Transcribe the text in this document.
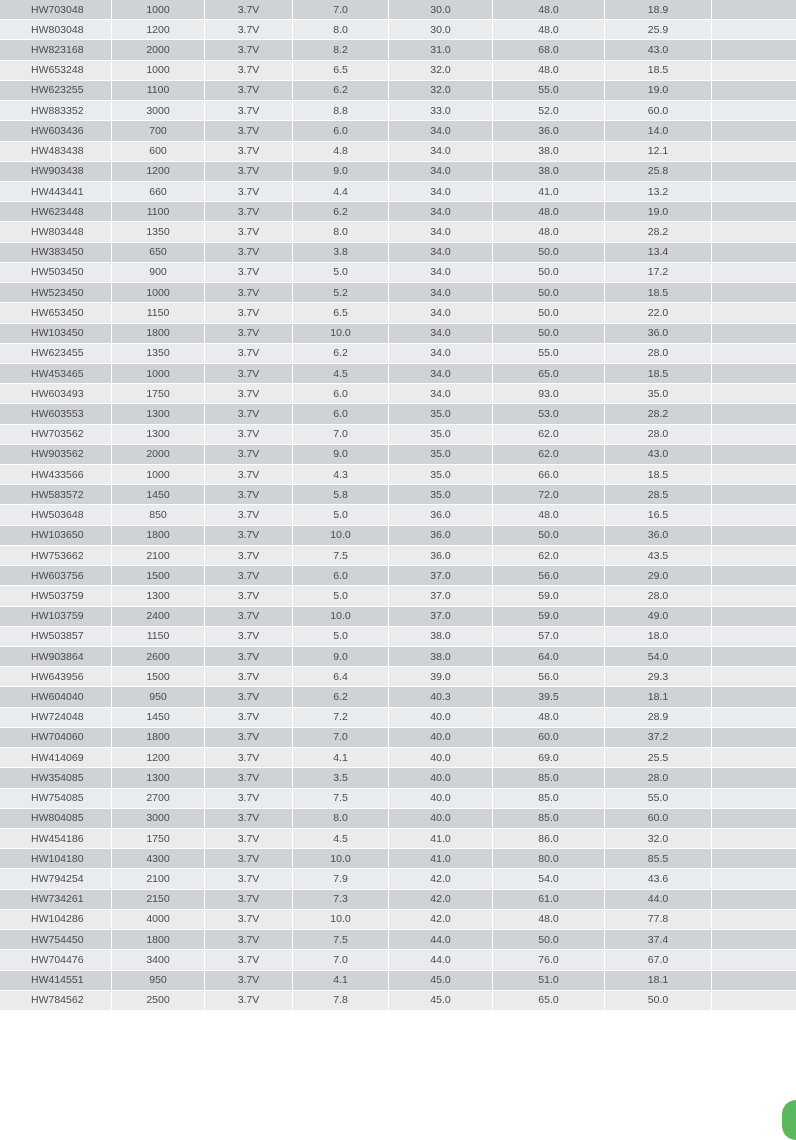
HW703048	1000	3.7V	7.0	30.0	48.0	18.9	
HW803048	1200	3.7V	8.0	30.0	48.0	25.9	
HW823168	2000	3.7V	8.2	31.0	68.0	43.0	
HW653248	1000	3.7V	6.5	32.0	48.0	18.5	
HW623255	1100	3.7V	6.2	32.0	55.0	19.0	
HW883352	3000	3.7V	8.8	33.0	52.0	60.0	
HW603436	700	3.7V	6.0	34.0	36.0	14.0	
HW483438	600	3.7V	4.8	34.0	38.0	12.1	
HW903438	1200	3.7V	9.0	34.0	38.0	25.8	
HW443441	660	3.7V	4.4	34.0	41.0	13.2	
HW623448	1100	3.7V	6.2	34.0	48.0	19.0	
HW803448	1350	3.7V	8.0	34.0	48.0	28.2	
HW383450	650	3.7V	3.8	34.0	50.0	13.4	
HW503450	900	3.7V	5.0	34.0	50.0	17.2	
HW523450	1000	3.7V	5.2	34.0	50.0	18.5	
HW653450	1150	3.7V	6.5	34.0	50.0	22.0	
HW103450	1800	3.7V	10.0	34.0	50.0	36.0	
HW623455	1350	3.7V	6.2	34.0	55.0	28.0	
HW453465	1000	3.7V	4.5	34.0	65.0	18.5	
HW603493	1750	3.7V	6.0	34.0	93.0	35.0	
HW603553	1300	3.7V	6.0	35.0	53.0	28.2	
HW703562	1300	3.7V	7.0	35.0	62.0	28.0	
HW903562	2000	3.7V	9.0	35.0	62.0	43.0	
HW433566	1000	3.7V	4.3	35.0	66.0	18.5	
HW583572	1450	3.7V	5.8	35.0	72.0	28.5	
HW503648	850	3.7V	5.0	36.0	48.0	16.5	
HW103650	1800	3.7V	10.0	36.0	50.0	36.0	
HW753662	2100	3.7V	7.5	36.0	62.0	43.5	
HW603756	1500	3.7V	6.0	37.0	56.0	29.0	
HW503759	1300	3.7V	5.0	37.0	59.0	28.0	
HW103759	2400	3.7V	10.0	37.0	59.0	49.0	
HW503857	1150	3.7V	5.0	38.0	57.0	18.0	
HW903864	2600	3.7V	9.0	38.0	64.0	54.0	
HW643956	1500	3.7V	6.4	39.0	56.0	29.3	
HW604040	950	3.7V	6.2	40.3	39.5	18.1	
HW724048	1450	3.7V	7.2	40.0	48.0	28.9	
HW704060	1800	3.7V	7.0	40.0	60.0	37.2	
HW414069	1200	3.7V	4.1	40.0	69.0	25.5	
HW354085	1300	3.7V	3.5	40.0	85.0	28.0	
HW754085	2700	3.7V	7.5	40.0	85.0	55.0	
HW804085	3000	3.7V	8.0	40.0	85.0	60.0	
HW454186	1750	3.7V	4.5	41.0	86.0	32.0	
HW104180	4300	3.7V	10.0	41.0	80.0	85.5	
HW794254	2100	3.7V	7.9	42.0	54.0	43.6	
HW734261	2150	3.7V	7.3	42.0	61.0	44.0	
HW104286	4000	3.7V	10.0	42.0	48.0	77.8	
HW754450	1800	3.7V	7.5	44.0	50.0	37.4	
HW704476	3400	3.7V	7.0	44.0	76.0	67.0	
HW414551	950	3.7V	4.1	45.0	51.0	18.1	
HW784562	2500	3.7V	7.8	45.0	65.0	50.0	
